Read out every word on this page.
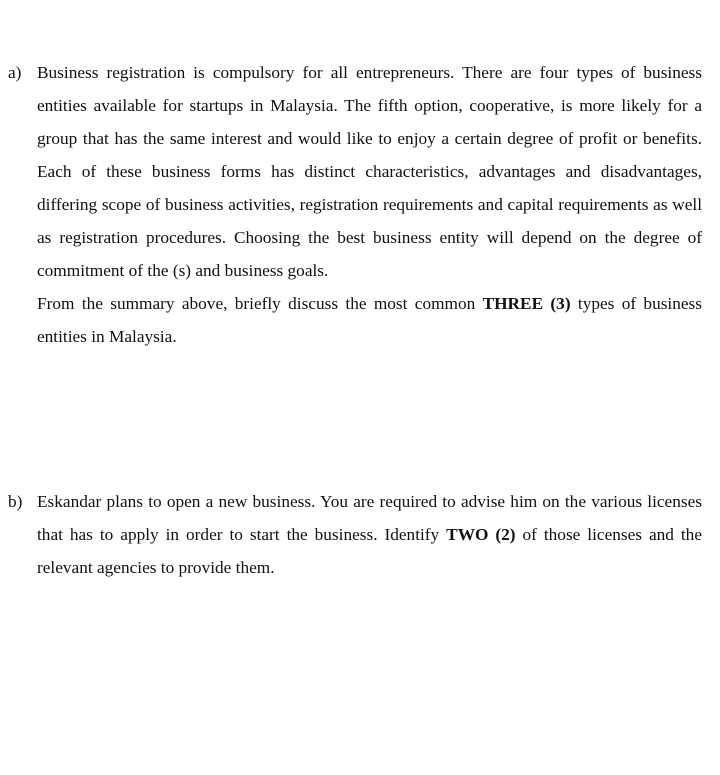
a) Business registration is compulsory for all entrepreneurs. There are four types of business entities available for startups in Malaysia. The fifth option, cooperative, is more likely for a group that has the same interest and would like to enjoy a certain degree of profit or benefits. Each of these business forms has distinct characteristics, advantages and disadvantages, differing scope of business activities, registration requirements and capital requirements as well as registration procedures. Choosing the best business entity will depend on the degree of commitment of the (s) and business goals.

From the summary above, briefly discuss the most common THREE (3) types of business entities in Malaysia.

b) Eskandar plans to open a new business. You are required to advise him on the various licenses that has to apply in order to start the business. Identify TWO (2) of those licenses and the relevant agencies to provide them.
